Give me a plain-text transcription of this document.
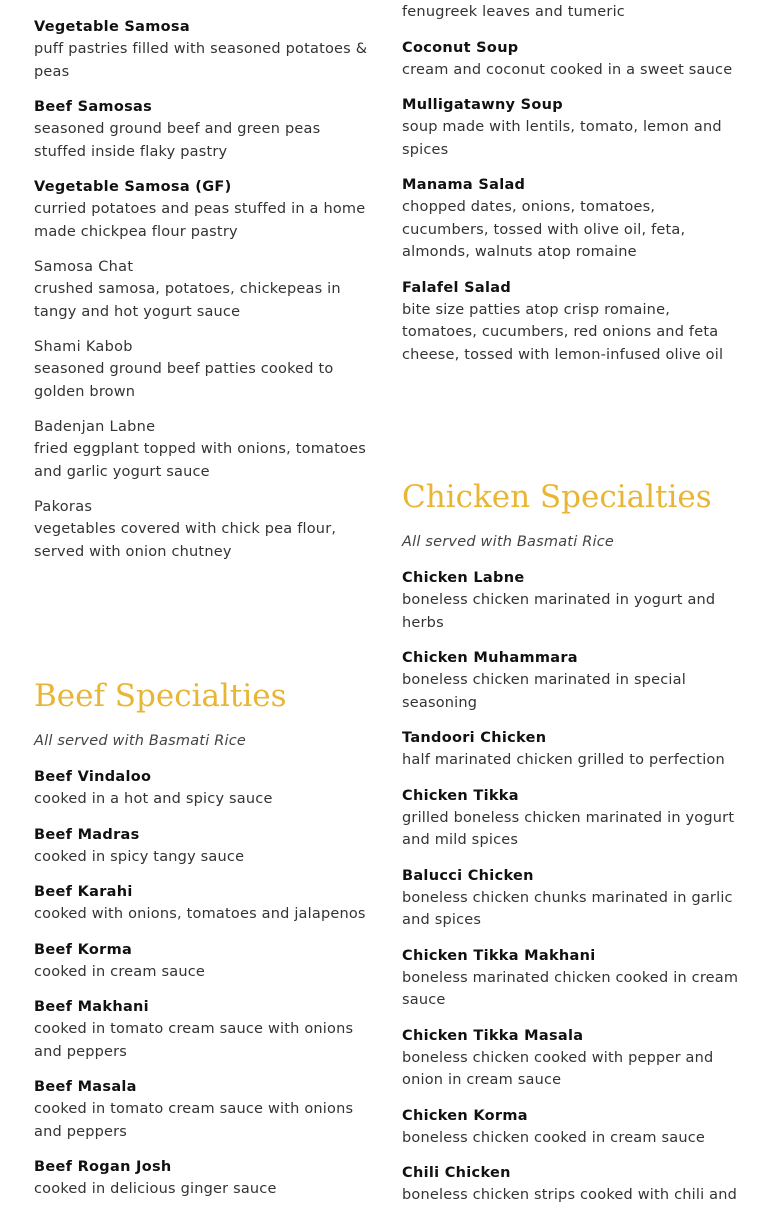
Vegetable Samosa
puff pastries filled with seasoned potatoes & peas
Beef Samosas
seasoned ground beef and green peas stuffed inside flaky pastry
Vegetable Samosa (GF)
curried potatoes and peas stuffed in a home made chickpea flour pastry
Samosa Chat
crushed samosa, potatoes, chickepeas in tangy and hot yogurt sauce
Shami Kabob
seasoned ground beef patties cooked to golden brown
Badenjan Labne
fried eggplant topped with onions, tomatoes and garlic yogurt sauce
Pakoras
vegetables covered with chick pea flour, served with onion chutney
Beef Specialties
All served with Basmati Rice
Beef Vindaloo
cooked in a hot and spicy sauce
Beef Madras
cooked in spicy tangy sauce
Beef Karahi
cooked with onions, tomatoes and jalapenos
Beef Korma
cooked in cream sauce
Beef Makhani
cooked in tomato cream sauce with onions and peppers
Beef Masala
cooked in tomato cream sauce with onions and peppers
Beef Rogan Josh
cooked in delicious ginger sauce
fenugreek leaves and tumeric
Coconut Soup
cream and coconut cooked in a sweet sauce
Mulligatawny Soup
soup made with lentils, tomato, lemon and spices
Manama Salad
chopped dates, onions, tomatoes, cucumbers, tossed with olive oil, feta, almonds, walnuts atop romaine
Falafel Salad
bite size patties atop crisp romaine, tomatoes, cucumbers, red onions and feta cheese, tossed with lemon-infused olive oil
Chicken Specialties
All served with Basmati Rice
Chicken Labne
boneless chicken marinated in yogurt and herbs
Chicken Muhammara
boneless chicken marinated in special seasoning
Tandoori Chicken
half marinated chicken grilled to perfection
Chicken Tikka
grilled boneless chicken marinated in yogurt and mild spices
Balucci Chicken
boneless chicken chunks marinated in garlic and spices
Chicken Tikka Makhani
boneless marinated chicken cooked in cream sauce
Chicken Tikka Masala
boneless chicken cooked with pepper and onion in cream sauce
Chicken Korma
boneless chicken cooked in cream sauce
Chili Chicken
boneless chicken strips cooked with chili and
